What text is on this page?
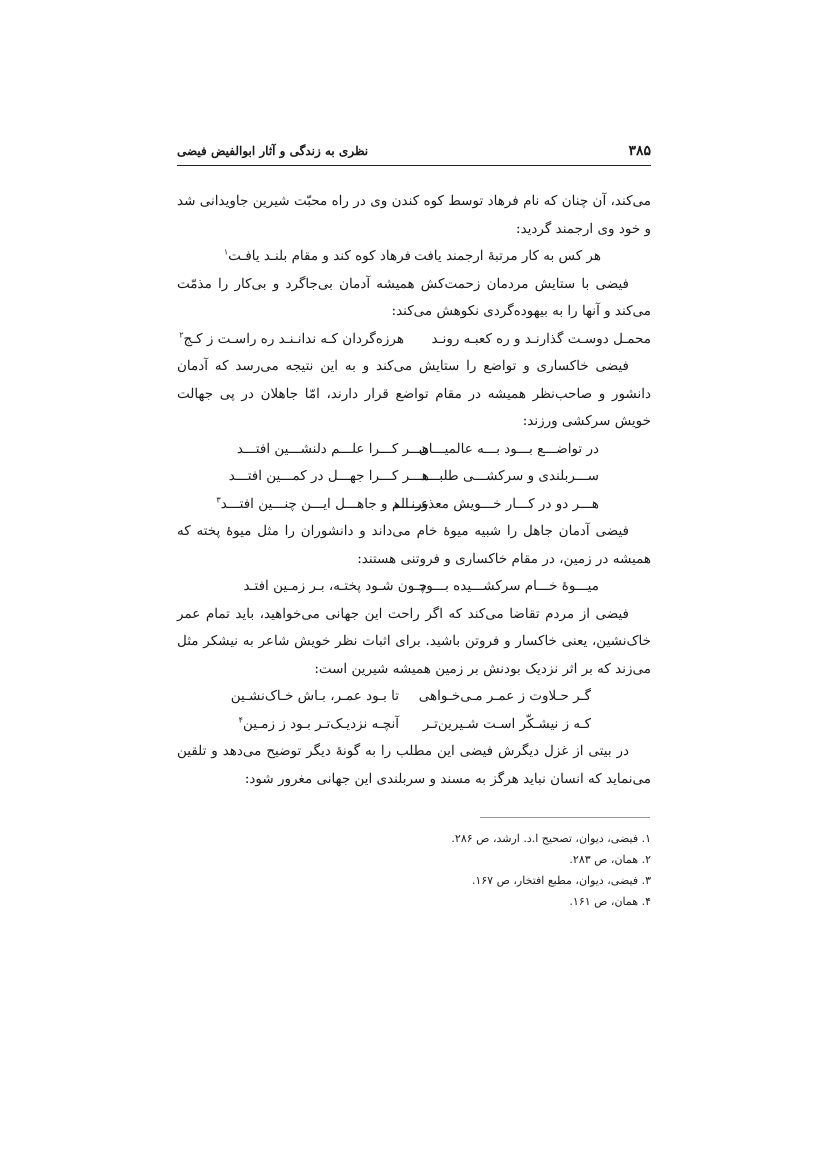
۳۸۵
نظری به زندگی و آثار ابوالفیض فیضی

می‌کند، آن چنان که نام فرهاد توسط کوه کندن وی در راه محبّت شیرین جاویدانی شد و خود وی ارجمند گردید:

هر کس به کار مرتبهٔ ارجمند یافت
فرهاد کوه کند و مقام بلنـد یافـت$^۱$

فیضی با ستایش مردمان زحمت‌کش همیشه آدمان بی‌جاگرد و بی‌کار را مذمّت می‌کند و آنها را به بیهوده‌گردی نکوهش می‌کند:

محمـل دوسـت گذارنـد و ره کعبـه رونـد
هرزه‌گردان کـه ندانـنـد ره راسـت ز کـج$^۲$

فیضی خاکساری و تواضع را ستایش می‌کند و به این نتیجه می‌رسد که آدمان دانشور و صاحب‌نظر همیشه در مقام تواضع قرار دارند، امّا جاهلان در پی جهالت خویش سرکشی ورزند:

در تواضـــع بـــود بـــه عالمیـــان
هـــر کـــرا علـــم دلنشـــین افتـــد
ســـربلندی و سرکشـــی طلبـــد
هـــر کـــرا جهـــل در کمـــین افتـــد
هـــر دو در کـــار خـــویش معذورنـــد
عـــالم و جاهـــل ایـــن چنـــین افتـــد$^۳$

فیضی آدمان جاهل را شبیه میوهٔ خام می‌داند و دانشوران را مثل میوهٔ پخته که همیشه در زمین، در مقام خاکساری و فروتنی هستند:

میـــوهٔ خـــام سرکشـــیده بـــود
چـون شـود پختـه، بـر زمـین افتـد

فیضی از مردم تقاضا می‌کند که اگر راحت این جهانی می‌خواهید، باید تمام عمر خاک‌نشین، یعنی خاکسار و فروتن باشید. برای اثبات نظر خویش شاعر به نیشکر مثل می‌زند که بر اثر نزدیک بودنش بر زمین همیشه شیرین است:

گـر حـلاوت ز عمـر مـی‌خـواهی
تا بـود عمـر، بـاش خـاک‌نشـین
کـه ز نیشـکّر اسـت شـیرین‌تـر
آنچـه نزدیـک‌تـر بـود ز زمـین$^۴$

در بیتی از غزل دیگرش فیضی این مطلب را به گونهٔ دیگر توضیح می‌دهد و تلقین می‌نماید که انسان نباید هرگز به مسند و سربلندی این جهانی مغرور شود:

۱. فیضی، دیوان، تصحیح ا.د. ارشد، ص ۲۸۶.

۲. همان، ص ۲۸۳.

۳. فیضی، دیوان، مطبع افتخار، ص ۱۶۷.

۴. همان، ص ۱۶۱.
